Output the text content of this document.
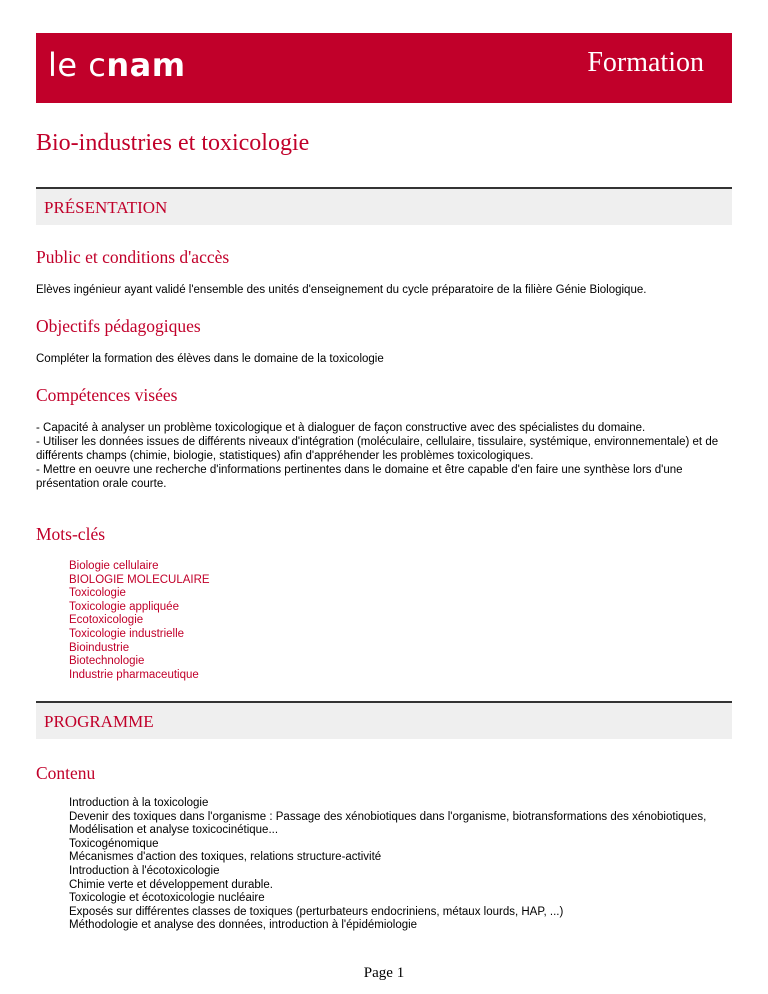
le cnam	Formation
Bio-industries et toxicologie
PRÉSENTATION
Public et conditions d'accès

Elèves ingénieur ayant validé l'ensemble des unités d'enseignement du cycle préparatoire de la filière Génie Biologique.

Objectifs pédagogiques

Compléter la formation des élèves dans le domaine de la toxicologie

Compétences visées
- Capacité à analyser un problème toxicologique et à dialoguer de façon constructive avec des spécialistes du domaine.
- Utiliser les données issues de différents niveaux d'intégration (moléculaire, cellulaire, tissulaire, systémique, environnementale) et de différents champs (chimie, biologie, statistiques) afin d'appréhender les problèmes toxicologiques.
- Mettre en oeuvre une recherche d'informations pertinentes dans le domaine et être capable d'en faire une synthèse lors d'une présentation orale courte.
Mots-clés
Biologie cellulaire
BIOLOGIE MOLECULAIRE
Toxicologie
Toxicologie appliquée
Ecotoxicologie
Toxicologie industrielle
Bioindustrie
Biotechnologie
Industrie pharmaceutique
PROGRAMME
Contenu
Introduction à la toxicologie
Devenir des toxiques dans l'organisme : Passage des xénobiotiques dans l'organisme, biotransformations des xénobiotiques, Modélisation et analyse toxicocinétique...
Toxicogénomique
Mécanismes d'action des toxiques, relations structure-activité
Introduction à l'écotoxicologie
Chimie verte et développement durable.
Toxicologie et écotoxicologie nucléaire
Exposés sur différentes classes de toxiques (perturbateurs endocriniens, métaux lourds, HAP, ...)
Méthodologie et analyse des données, introduction à l'épidémiologie
Page 1
